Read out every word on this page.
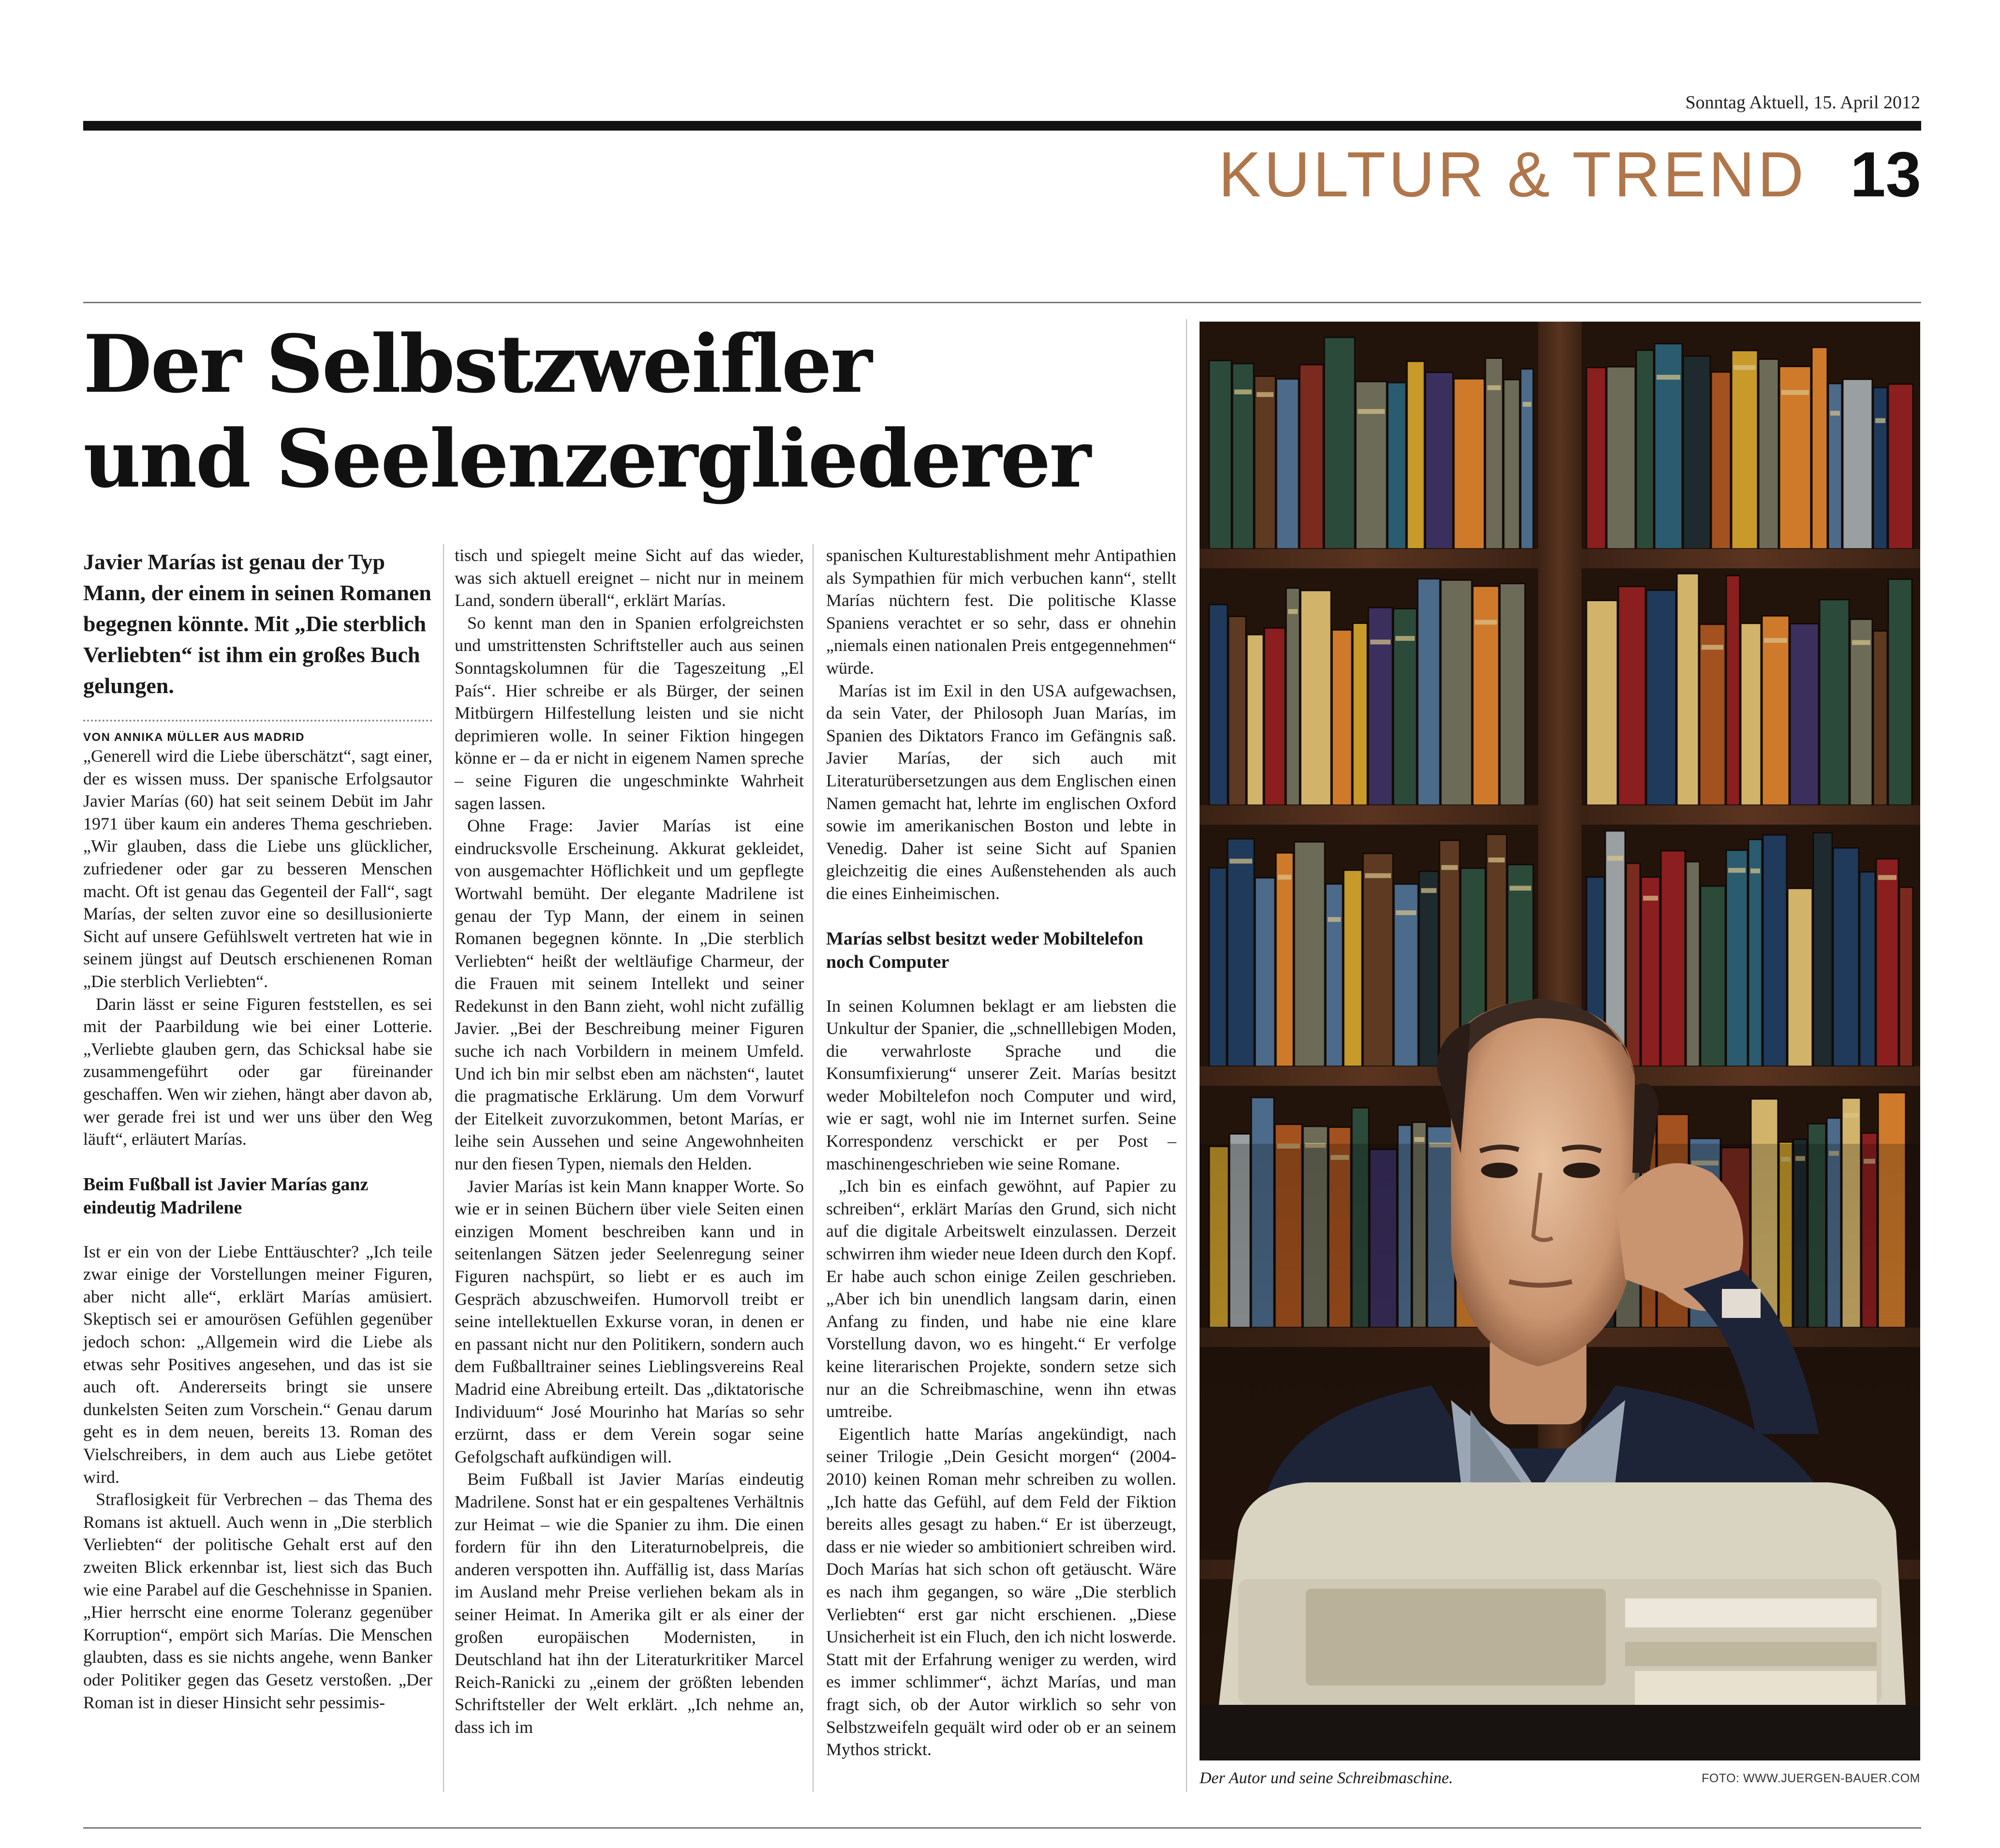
Sonntag Aktuell, 15. April 2012
KULTUR & TREND 13
Der Selbstzweifler
und Seelenzergliederer

Javier Marías ist genau der Typ Mann, der einem in seinen Romanen begegnen könnte. Mit „Die sterblich Verliebten“ ist ihm ein großes Buch gelungen.

VON ANNIKA MÜLLER AUS MADRID

„Generell wird die Liebe überschätzt“, sagt einer, der es wissen muss. Der spanische Erfolgsautor Javier Marías (60) hat seit seinem Debüt im Jahr 1971 über kaum ein anderes Thema geschrieben. „Wir glauben, dass die Liebe uns glücklicher, zufriedener oder gar zu besseren Menschen macht. Oft ist genau das Gegenteil der Fall“, sagt Marías, der selten zuvor eine so desillusionierte Sicht auf unsere Gefühlswelt vertreten hat wie in seinem jüngst auf Deutsch erschienenen Roman „Die sterblich Verliebten“.

Darin lässt er seine Figuren feststellen, es sei mit der Paarbildung wie bei einer Lotterie. „Verliebte glauben gern, das Schicksal habe sie zusammengeführt oder gar füreinander geschaffen. Wen wir ziehen, hängt aber davon ab, wer gerade frei ist und wer uns über den Weg läuft“, erläutert Marías.

Beim Fußball ist Javier Marías ganz eindeutig Madrilene

Ist er ein von der Liebe Enttäuschter? „Ich teile zwar einige der Vorstellungen meiner Figuren, aber nicht alle“, erklärt Marías amüsiert. Skeptisch sei er amourösen Gefühlen gegenüber jedoch schon: „Allgemein wird die Liebe als etwas sehr Positives angesehen, und das ist sie auch oft. Andererseits bringt sie unsere dunkelsten Seiten zum Vorschein.“ Genau darum geht es in dem neuen, bereits 13. Roman des Vielschreibers, in dem auch aus Liebe getötet wird.

Straflosigkeit für Verbrechen – das Thema des Romans ist aktuell. Auch wenn in „Die sterblich Verliebten“ der politische Gehalt erst auf den zweiten Blick erkennbar ist, liest sich das Buch wie eine Parabel auf die Geschehnisse in Spanien. „Hier herrscht eine enorme Toleranz gegenüber Korruption“, empört sich Marías. Die Menschen glaubten, dass es sie nichts angehe, wenn Banker oder Politiker gegen das Gesetz verstoßen. „Der Roman ist in dieser Hinsicht sehr pessimis-

tisch und spiegelt meine Sicht auf das wieder, was sich aktuell ereignet – nicht nur in meinem Land, sondern überall“, erklärt Marías.

So kennt man den in Spanien erfolgreichsten und umstrittensten Schriftsteller auch aus seinen Sonntagskolumnen für die Tageszeitung „El País“. Hier schreibe er als Bürger, der seinen Mitbürgern Hilfestellung leisten und sie nicht deprimieren wolle. In seiner Fiktion hingegen könne er – da er nicht in eigenem Namen spreche – seine Figuren die ungeschminkte Wahrheit sagen lassen.

Ohne Frage: Javier Marías ist eine eindrucksvolle Erscheinung. Akkurat gekleidet, von ausgemachter Höflichkeit und um gepflegte Wortwahl bemüht. Der elegante Madrilene ist genau der Typ Mann, der einem in seinen Romanen begegnen könnte. In „Die sterblich Verliebten“ heißt der weltläufige Charmeur, der die Frauen mit seinem Intellekt und seiner Redekunst in den Bann zieht, wohl nicht zufällig Javier. „Bei der Beschreibung meiner Figuren suche ich nach Vorbildern in meinem Umfeld. Und ich bin mir selbst eben am nächsten“, lautet die pragmatische Erklärung. Um dem Vorwurf der Eitelkeit zuvorzukommen, betont Marías, er leihe sein Aussehen und seine Angewohnheiten nur den fiesen Typen, niemals den Helden.

Javier Marías ist kein Mann knapper Worte. So wie er in seinen Büchern über viele Seiten einen einzigen Moment beschreiben kann und in seitenlangen Sätzen jeder Seelenregung seiner Figuren nachspürt, so liebt er es auch im Gespräch abzuschweifen. Humorvoll treibt er seine intellektuellen Exkurse voran, in denen er en passant nicht nur den Politikern, sondern auch dem Fußballtrainer seines Lieblingsvereins Real Madrid eine Abreibung erteilt. Das „diktatorische Individuum“ José Mourinho hat Marías so sehr erzürnt, dass er dem Verein sogar seine Gefolgschaft aufkündigen will.

Beim Fußball ist Javier Marías eindeutig Madrilene. Sonst hat er ein gespaltenes Verhältnis zur Heimat – wie die Spanier zu ihm. Die einen fordern für ihn den Literaturnobelpreis, die anderen verspotten ihn. Auffällig ist, dass Marías im Ausland mehr Preise verliehen bekam als in seiner Heimat. In Amerika gilt er als einer der großen europäischen Modernisten, in Deutschland hat ihn der Literaturkritiker Marcel Reich-Ranicki zu „einem der größten lebenden Schriftsteller der Welt erklärt. „Ich nehme an, dass ich im

spanischen Kulturestablishment mehr Antipathien als Sympathien für mich verbuchen kann“, stellt Marías nüchtern fest. Die politische Klasse Spaniens verachtet er so sehr, dass er ohnehin „niemals einen nationalen Preis entgegennehmen“ würde.

Marías ist im Exil in den USA aufgewachsen, da sein Vater, der Philosoph Juan Marías, im Spanien des Diktators Franco im Gefängnis saß. Javier Marías, der sich auch mit Literaturübersetzungen aus dem Englischen einen Namen gemacht hat, lehrte im englischen Oxford sowie im amerikanischen Boston und lebte in Venedig. Daher ist seine Sicht auf Spanien gleichzeitig die eines Außenstehenden als auch die eines Einheimischen.

Marías selbst besitzt weder Mobiltelefon noch Computer

In seinen Kolumnen beklagt er am liebsten die Unkultur der Spanier, die „schnelllebigen Moden, die verwahrloste Sprache und die Konsumfixierung“ unserer Zeit. Marías besitzt weder Mobiltelefon noch Computer und wird, wie er sagt, wohl nie im Internet surfen. Seine Korrespondenz verschickt er per Post – maschinengeschrieben wie seine Romane.

„Ich bin es einfach gewöhnt, auf Papier zu schreiben“, erklärt Marías den Grund, sich nicht auf die digitale Arbeitswelt einzulassen. Derzeit schwirren ihm wieder neue Ideen durch den Kopf. Er habe auch schon einige Zeilen geschrieben. „Aber ich bin unendlich langsam darin, einen Anfang zu finden, und habe nie eine klare Vorstellung davon, wo es hingeht.“ Er verfolge keine literarischen Projekte, sondern setze sich nur an die Schreibmaschine, wenn ihn etwas umtreibe.

Eigentlich hatte Marías angekündigt, nach seiner Trilogie „Dein Gesicht morgen“ (2004-2010) keinen Roman mehr schreiben zu wollen. „Ich hatte das Gefühl, auf dem Feld der Fiktion bereits alles gesagt zu haben.“ Er ist überzeugt, dass er nie wieder so ambitioniert schreiben wird. Doch Marías hat sich schon oft getäuscht. Wäre es nach ihm gegangen, so wäre „Die sterblich Verliebten“ erst gar nicht erschienen. „Diese Unsicherheit ist ein Fluch, den ich nicht loswerde. Statt mit der Erfahrung weniger zu werden, wird es immer schlimmer“, ächzt Marías, und man fragt sich, ob der Autor wirklich so sehr von Selbstzweifeln gequält wird oder ob er an seinem Mythos strickt.

Der Autor und seine Schreibmaschine.	FOTO: WWW.JUERGEN-BAUER.COM
